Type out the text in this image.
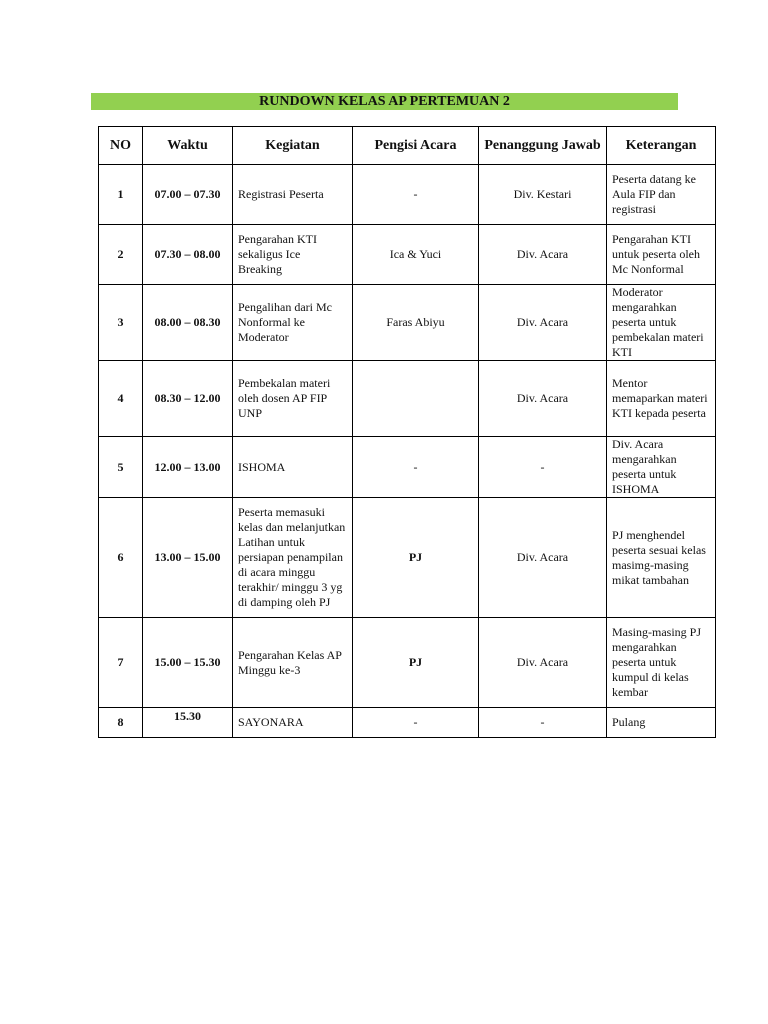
RUNDOWN KELAS AP PERTEMUAN 2
NO	Waktu	Kegiatan	Pengisi Acara	Penanggung Jawab	Keterangan
1	07.00 – 07.30	Registrasi Peserta	-	Div. Kestari	Peserta datang ke Aula FIP dan registrasi
2	07.30 – 08.00	Pengarahan KTI sekaligus Ice Breaking	Ica & Yuci	Div. Acara	Pengarahan KTI untuk peserta oleh Mc Nonformal
3	08.00 – 08.30	Pengalihan dari Mc Nonformal ke Moderator	Faras Abiyu	Div. Acara	Moderator mengarahkan peserta untuk pembekalan materi KTI
4	08.30 – 12.00	Pembekalan materi oleh dosen AP FIP UNP		Div. Acara	Mentor memaparkan materi KTI kepada peserta
5	12.00 – 13.00	ISHOMA	-	-	Div. Acara mengarahkan peserta untuk ISHOMA
6	13.00 – 15.00	Peserta memasuki kelas dan melanjutkan Latihan untuk persiapan penampilan di acara minggu terakhir/ minggu 3 yg di damping oleh PJ	PJ	Div. Acara	PJ menghendel peserta sesuai kelas masimg-masing mikat tambahan
7	15.00 – 15.30	Pengarahan Kelas AP Minggu ke-3	PJ	Div. Acara	Masing-masing PJ mengarahkan peserta untuk kumpul di kelas kembar
8	15.30	SAYONARA	-	-	Pulang
